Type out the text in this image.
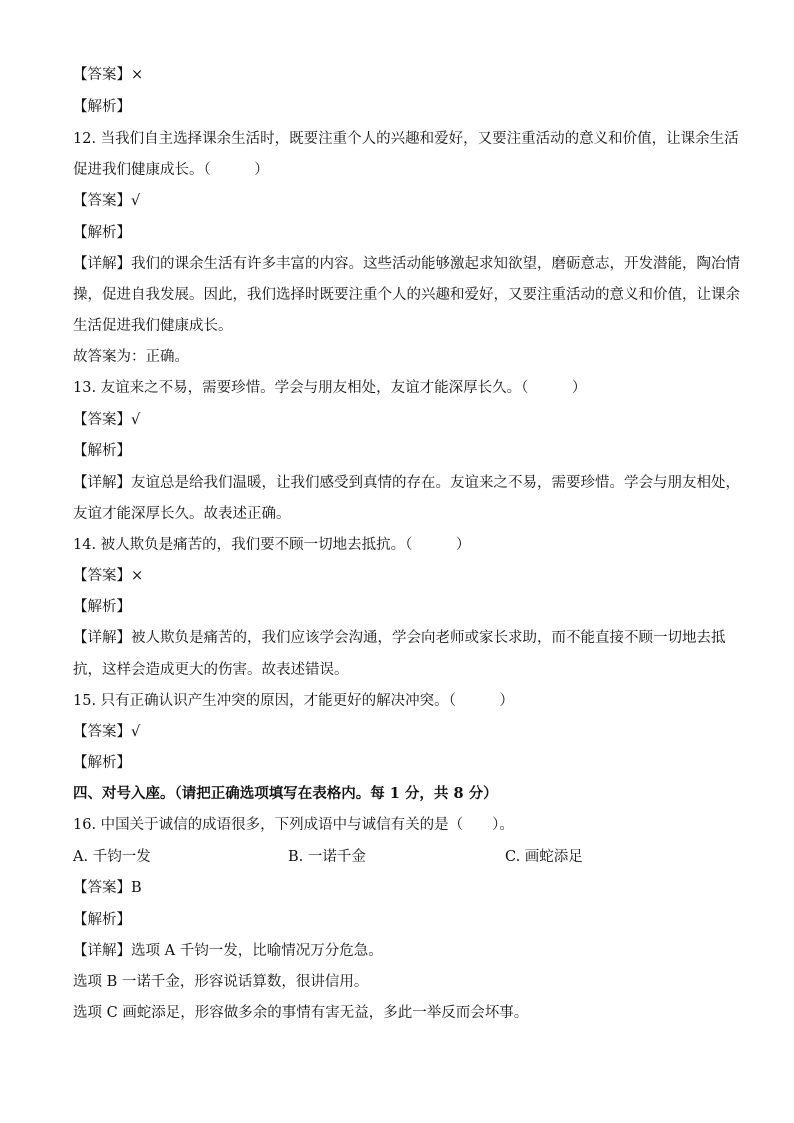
【答案】×
【解析】
12. 当我们自主选择课余生活时，既要注重个人的兴趣和爱好，又要注重活动的意义和价值，让课余生活
促进我们健康成长。（　　　）
【答案】√
【解析】
【详解】我们的课余生活有许多丰富的内容。这些活动能够激起求知欲望，磨砺意志，开发潜能，陶冶情
操，促进自我发展。因此，我们选择时既要注重个人的兴趣和爱好，又要注重活动的意义和价值，让课余
生活促进我们健康成长。
故答案为：正确。
13. 友谊来之不易，需要珍惜。学会与朋友相处，友谊才能深厚长久。（　　　）
【答案】√
【解析】
【详解】友谊总是给我们温暖，让我们感受到真情的存在。友谊来之不易，需要珍惜。学会与朋友相处，
友谊才能深厚长久。故表述正确。
14. 被人欺负是痛苦的，我们要不顾一切地去抵抗。（　　　）
【答案】×
【解析】
【详解】被人欺负是痛苦的，我们应该学会沟通，学会向老师或家长求助，而不能直接不顾一切地去抵
抗，这样会造成更大的伤害。故表述错误。
15. 只有正确认识产生冲突的原因，才能更好的解决冲突。（　　　）
【答案】√
【解析】
四、对号入座。（请把正确选项填写在表格内。每 1 分，共 8 分）
16. 中国关于诚信的成语很多，下列成语中与诚信有关的是（　　）。
A. 千钧一发	B. 一诺千金	C. 画蛇添足
【答案】B
【解析】
【详解】选项 A 千钧一发，比喻情况万分危急。
选项 B 一诺千金，形容说话算数，很讲信用。
选项 C 画蛇添足，形容做多余的事情有害无益，多此一举反而会坏事。
